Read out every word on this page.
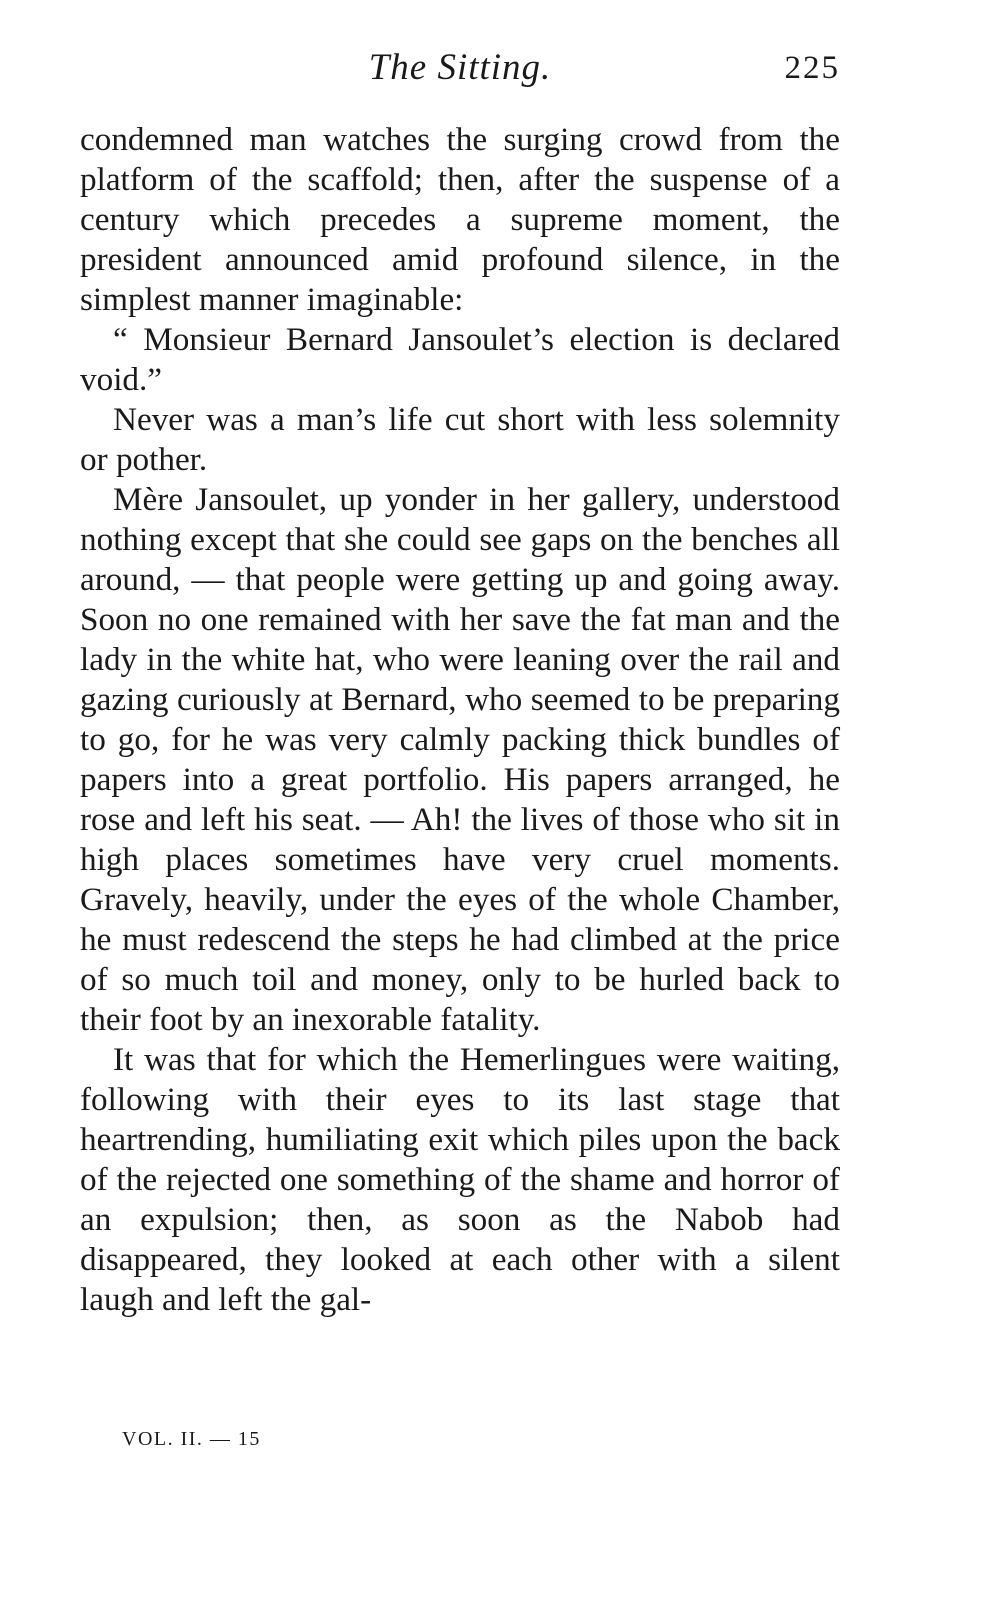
The Sitting.	225

condemned man watches the surging crowd from the platform of the scaffold; then, after the suspense of a century which precedes a supreme moment, the president announced amid profound silence, in the simplest manner imaginable:

“ Monsieur Bernard Jansoulet’s election is declared void.”

Never was a man’s life cut short with less solemnity or pother.

Mère Jansoulet, up yonder in her gallery, understood nothing except that she could see gaps on the benches all around, — that people were getting up and going away. Soon no one remained with her save the fat man and the lady in the white hat, who were leaning over the rail and gazing curiously at Bernard, who seemed to be preparing to go, for he was very calmly packing thick bundles of papers into a great portfolio. His papers arranged, he rose and left his seat. — Ah! the lives of those who sit in high places sometimes have very cruel moments. Gravely, heavily, under the eyes of the whole Chamber, he must redescend the steps he had climbed at the price of so much toil and money, only to be hurled back to their foot by an inexorable fatality.

It was that for which the Hemerlingues were waiting, following with their eyes to its last stage that heartrending, humiliating exit which piles upon the back of the rejected one something of the shame and horror of an expulsion; then, as soon as the Nabob had disappeared, they looked at each other with a silent laugh and left the gal-

VOL. II. — 15
